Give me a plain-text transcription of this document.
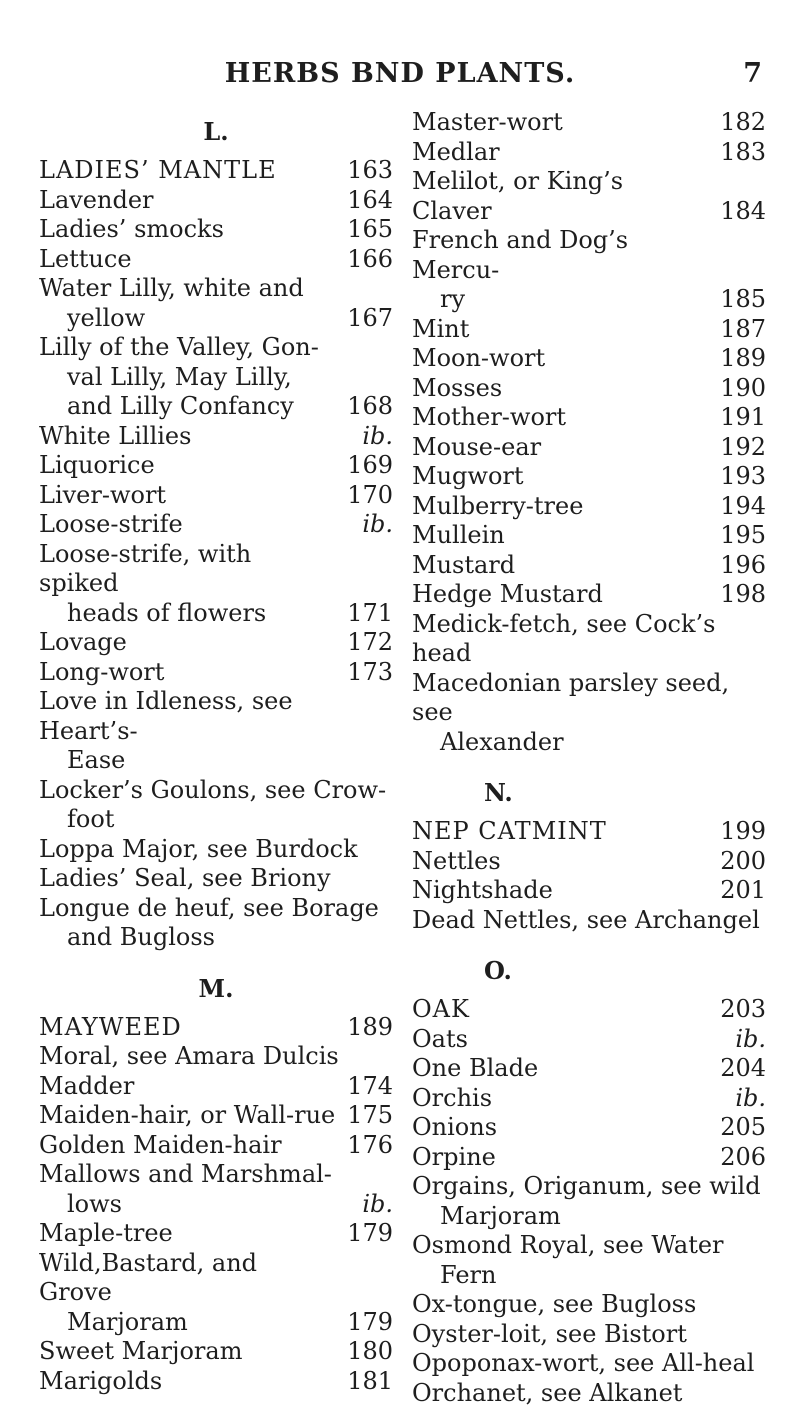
HERBS BND PLANTS.	7
L.
LADIES’ MANTLE	163
Lavender	164
Ladies’ smocks	165
Lettuce	166
Water Lilly, white and
yellow	167
Lilly of the Valley, Gon-
val Lilly, May Lilly,
and Lilly Confancy	168
White Lillies	ib.
Liquorice	169
Liver-wort	170
Loose-strife	ib.
Loose-strife, with spiked
heads of flowers	171
Lovage	172
Long-wort	173
Love in Idleness, see Heart’s-
Ease
Locker’s Goulons, see Crow-
foot
Loppa Major, see Burdock
Ladies’ Seal, see Briony
Longue de heuf, see Borage
and Bugloss
M.
MAYWEED	189
Moral, see Amara Dulcis
Madder	174
Maiden-hair, or Wall-rue 175
Golden Maiden-hair	176
Mallows and Marshmal-
lows	ib.
Maple-tree	179
Wild,Bastard, and Grove
Marjoram	179
Sweet Marjoram	180
Marigolds	181
Master-wort	182
Medlar	183
Melilot, or King’s Claver	184
French and Dog’s Mercu-
ry	185
Mint	187
Moon-wort	189
Mosses	190
Mother-wort	191
Mouse-ear	192
Mugwort	193
Mulberry-tree	194
Mullein	195
Mustard	196
Hedge Mustard	198
Medick-fetch, see Cock’s head
Macedonian parsley seed, see
Alexander
N.
NEP CATMINT	199
Nettles	200
Nightshade	201
Dead Nettles, see Archangel
O.
OAK	203
Oats	ib.
One Blade	204
Orchis	ib.
Onions	205
Orpine	206
Orgains, Origanum, see wild
Marjoram
Osmond Royal, see Water
Fern
Ox-tongue, see Bugloss
Oyster-loit, see Bistort
Opoponax-wort, see All-heal
Orchanet, see Alkanet
